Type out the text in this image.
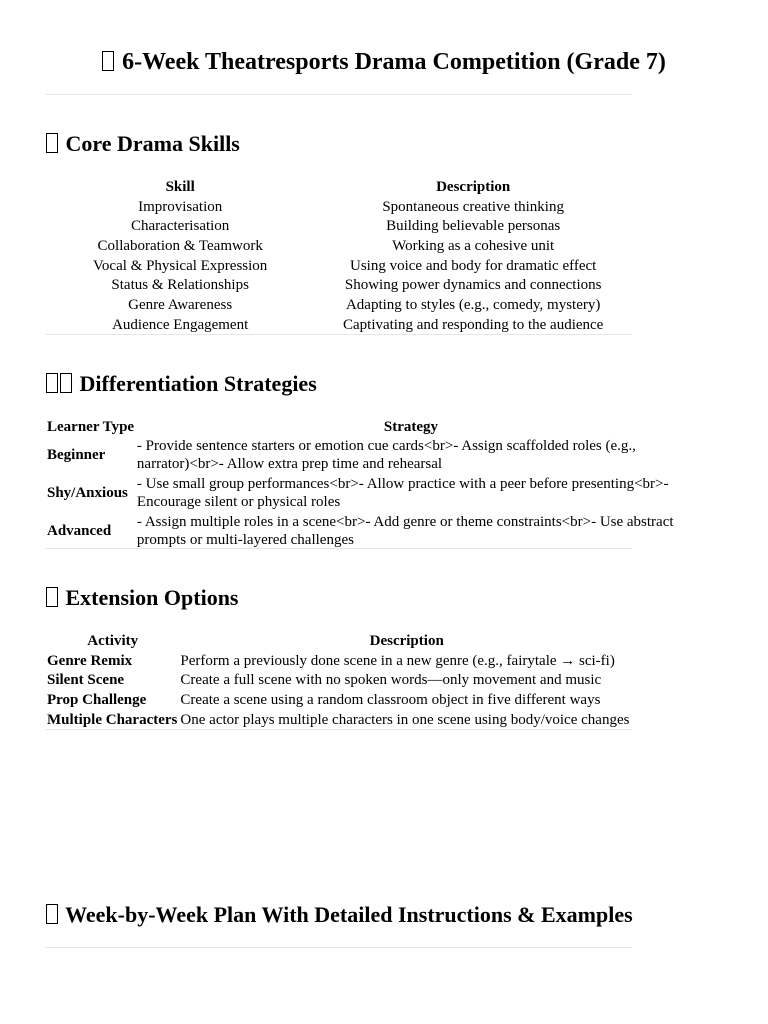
6-Week Theatresports Drama Competition (Grade 7)
Core Drama Skills
Skill	Description
Improvisation	Spontaneous creative thinking
Characterisation	Building believable personas
Collaboration & Teamwork	Working as a cohesive unit
Vocal & Physical Expression	Using voice and body for dramatic effect
Status & Relationships	Showing power dynamics and connections
Genre Awareness	Adapting to styles (e.g., comedy, mystery)
Audience Engagement	Captivating and responding to the audience
Differentiation Strategies
Learner Type	Strategy
Beginner	- Provide sentence starters or emotion cue cards<br>- Assign scaffolded roles (e.g., narrator)<br>- Allow extra prep time and rehearsal
Shy/Anxious	- Use small group performances<br>- Allow practice with a peer before presenting<br>- Encourage silent or physical roles
Advanced	- Assign multiple roles in a scene<br>- Add genre or theme constraints<br>- Use abstract prompts or multi-layered challenges
Extension Options
Activity	Description
Genre Remix	Perform a previously done scene in a new genre (e.g., fairytale → sci-fi)
Silent Scene	Create a full scene with no spoken words—only movement and music
Prop Challenge	Create a scene using a random classroom object in five different ways
Multiple Characters	One actor plays multiple characters in one scene using body/voice changes
Week-by-Week Plan With Detailed Instructions & Examples
